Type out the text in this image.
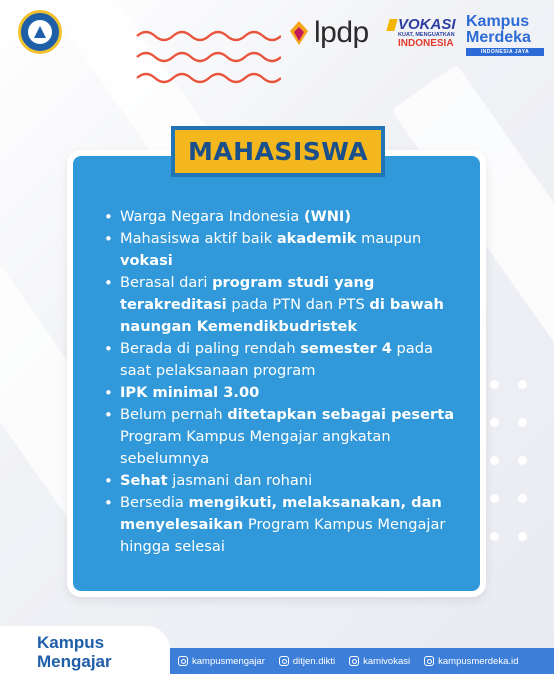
lpdp	VOKASI
KUAT, MENGUATKAN
INDONESIA
Kampus
Merdeka
INDONESIA JAYA
MAHASISWA
• Warga Negara Indonesia (WNI)
• Mahasiswa aktif baik akademik maupun vokasi
• Berasal dari program studi yang terakreditasi pada PTN dan PTS di bawah naungan Kemendikbudristek
• Berada di paling rendah semester 4 pada saat pelaksanaan program
• IPK minimal 3.00
• Belum pernah ditetapkan sebagai peserta Program Kampus Mengajar angkatan sebelumnya
• Sehat jasmani dan rohani
• Bersedia mengikuti, melaksanakan, dan menyelesaikan Program Kampus Mengajar hingga selesai
Kampus
Mengajar	kampusmengajar	ditjen.dikti	kamivokasi	kampusmerdeka.id
